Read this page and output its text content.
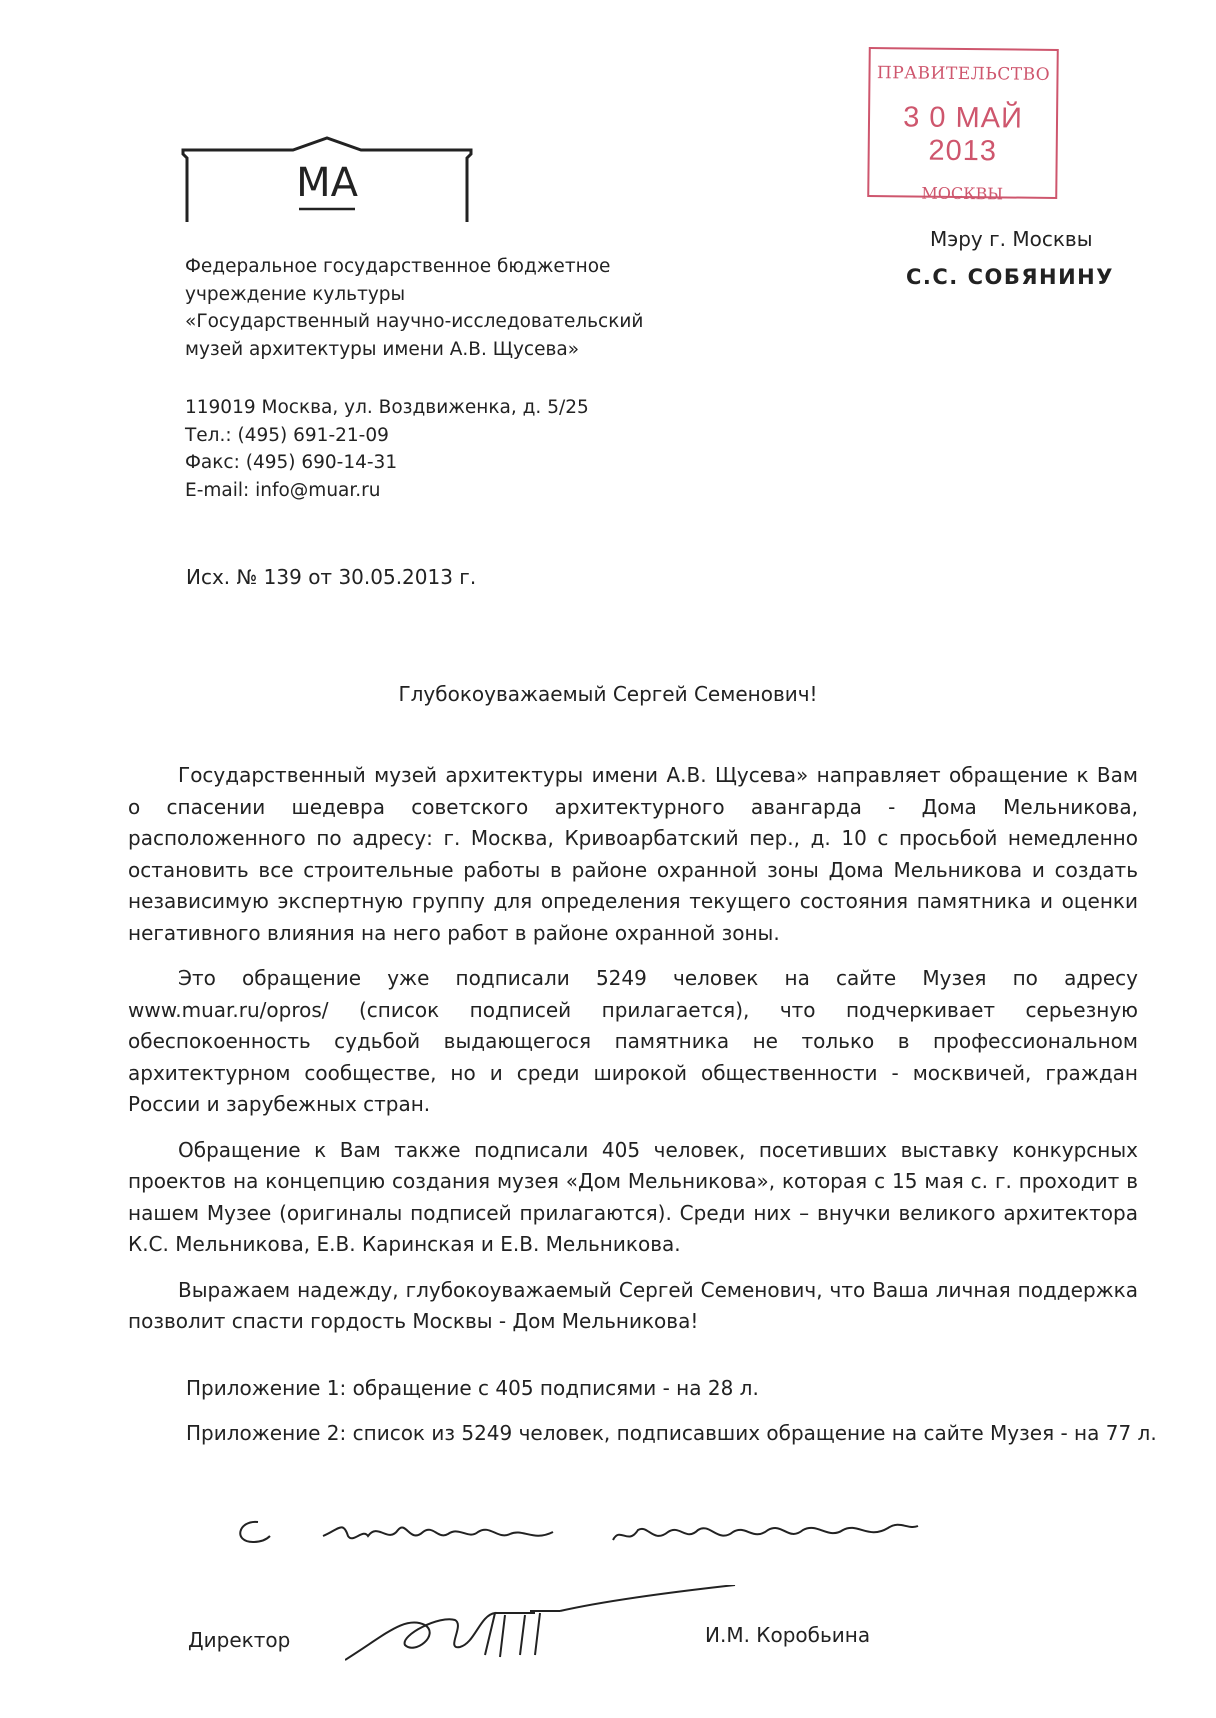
МА
ПРАВИТЕЛЬСТВО
3 0 МАЙ 2013
МОСКВЫ
Мэру г. Москвы
С.С. СОБЯНИНУ
Федеральное государственное бюджетное
учреждение культуры
«Государственный научно-исследовательский
музей архитектуры имени А.В. Щусева»
119019 Москва, ул. Воздвиженка, д. 5/25
Тел.: (495) 691-21-09
Факс: (495) 690-14-31
E-mail: info@muar.ru
Исх. № 139 от 30.05.2013 г.
Глубокоуважаемый Сергей Семенович!

Государственный музей архитектуры имени А.В. Щусева» направляет обращение к Вам о спасении шедевра советского архитектурного авангарда - Дома Мельникова, расположенного по адресу: г. Москва, Кривоарбатский пер., д. 10 с просьбой немедленно остановить все строительные работы в районе охранной зоны Дома Мельникова и создать независимую экспертную группу для определения текущего состояния памятника и оценки негативного влияния на него работ в районе охранной зоны.

Это обращение уже подписали 5249 человек на сайте Музея по адресу www.muar.ru/opros/ (список подписей прилагается), что подчеркивает серьезную обеспокоенность судьбой выдающегося памятника не только в профессиональном архитектурном сообществе, но и среди широкой общественности - москвичей, граждан России и зарубежных стран.

Обращение к Вам также подписали 405 человек, посетивших выставку конкурсных проектов на концепцию создания музея «Дом Мельникова», которая с 15 мая с. г. проходит в нашем Музее (оригиналы подписей прилагаются). Среди них – внучки великого архитектора К.С. Мельникова, Е.В. Каринская и Е.В. Мельникова.

Выражаем надежду, глубокоуважаемый Сергей Семенович, что Ваша личная поддержка позволит спасти гордость Москвы - Дом Мельникова!

Приложение 1: обращение с 405 подписями - на 28 л.
Приложение 2: список из 5249 человек, подписавших обращение на сайте Музея - на 77 л.
Директор	И.М. Коробьина
